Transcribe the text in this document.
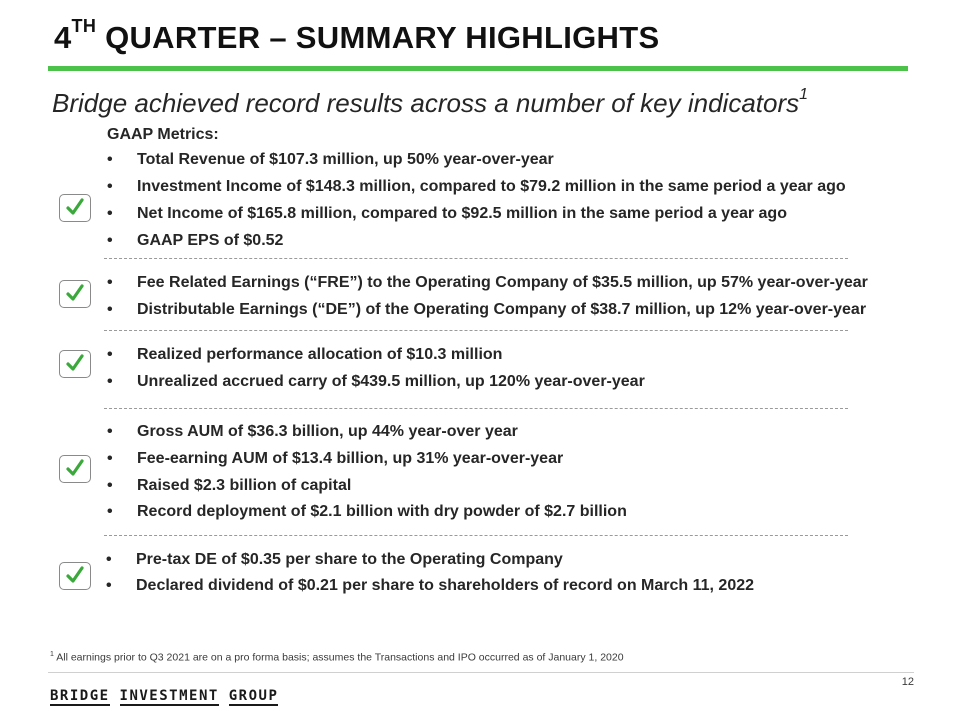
4TH QUARTER – SUMMARY HIGHLIGHTS
Bridge achieved record results across a number of key indicators$^1$
GAAP Metrics:
• Total Revenue of $107.3 million, up 50% year-over-year
• Investment Income of $148.3 million, compared to $79.2 million in the same period a year ago
• Net Income of $165.8 million, compared to $92.5 million in the same period a year ago
• GAAP EPS of $0.52
• Fee Related Earnings (“FRE”) to the Operating Company of $35.5 million, up 57% year-over-year
• Distributable Earnings (“DE”) of the Operating Company of $38.7 million, up 12% year-over-year
• Realized performance allocation of $10.3 million
• Unrealized accrued carry of $439.5 million, up 120% year-over-year
• Gross AUM of $36.3 billion, up 44% year-over year
• Fee-earning AUM of $13.4 billion, up 31% year-over-year
• Raised $2.3 billion of capital
• Record deployment of $2.1 billion with dry powder of $2.7 billion
• Pre-tax DE of $0.35 per share to the Operating Company
• Declared dividend of $0.21 per share to shareholders of record on March 11, 2022
$^1$ All earnings prior to Q3 2021 are on a pro forma basis; assumes the Transactions and IPO occurred as of January 1, 2020
12
BRIDGE INVESTMENT GROUP
